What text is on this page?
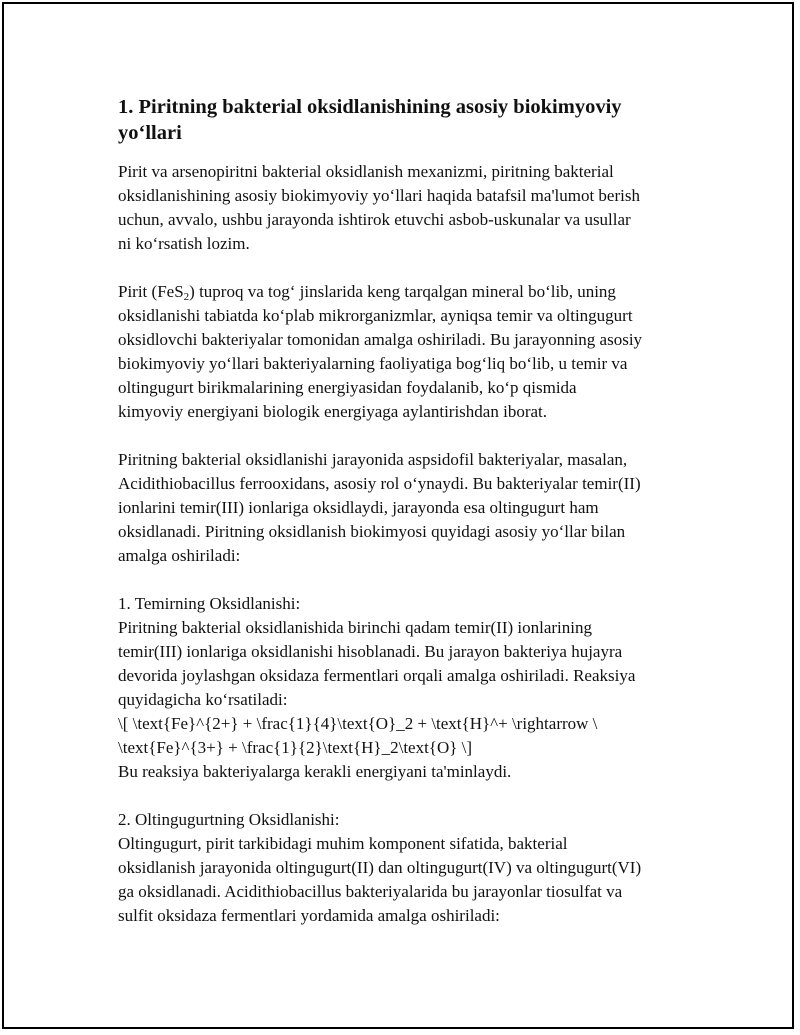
1. Piritning bakterial oksidlanishining asosiy biokimyoviy
yo‘llari

Pirit va arsenopiritni bakterial oksidlanish mexanizmi, piritning bakterial
oksidlanishining asosiy biokimyoviy yo‘llari haqida batafsil ma'lumot berish
uchun, avvalo, ushbu jarayonda ishtirok etuvchi asbob-uskunalar va usullar
ni ko‘rsatish lozim.

Pirit (FeS$_2$) tuproq va tog‘ jinslarida keng tarqalgan mineral bo‘lib, uning
oksidlanishi tabiatda ko‘plab mikrorganizmlar, ayniqsa temir va oltingugurt
oksidlovchi bakteriyalar tomonidan amalga oshiriladi. Bu jarayonning asosiy
biokimyoviy yo‘llari bakteriyalarning faoliyatiga bog‘liq bo‘lib, u temir va
oltingugurt birikmalarining energiyasidan foydalanib, ko‘p qismida
kimyoviy energiyani biologik energiyaga aylantirishdan iborat.

Piritning bakterial oksidlanishi jarayonida aspsidofil bakteriyalar, masalan,
Acidithiobacillus ferrooxidans, asosiy rol o‘ynaydi. Bu bakteriyalar temir(II)
ionlarini temir(III) ionlariga oksidlaydi, jarayonda esa oltingugurt ham
oksidlanadi. Piritning oksidlanish biokimyosi quyidagi asosiy yo‘llar bilan
amalga oshiriladi:

1. Temirning Oksidlanishi:
Piritning bakterial oksidlanishida birinchi qadam temir(II) ionlarining
temir(III) ionlariga oksidlanishi hisoblanadi. Bu jarayon bakteriya hujayra
devorida joylashgan oksidaza fermentlari orqali amalga oshiriladi. Reaksiya
quyidagicha ko‘rsatiladi:
\[ \text{Fe}^{2+} + \frac{1}{4}\text{O}_2 + \text{H}^+ \rightarrow \
\text{Fe}^{3+} + \frac{1}{2}\text{H}_2\text{O} \]
Bu reaksiya bakteriyalarga kerakli energiyani ta'minlaydi.

2. Oltingugurtning Oksidlanishi:
Oltingugurt, pirit tarkibidagi muhim komponent sifatida, bakterial
oksidlanish jarayonida oltingugurt(II) dan oltingugurt(IV) va oltingugurt(VI)
ga oksidlanadi. Acidithiobacillus bakteriyalarida bu jarayonlar tiosulfat va
sulfit oksidaza fermentlari yordamida amalga oshiriladi:
